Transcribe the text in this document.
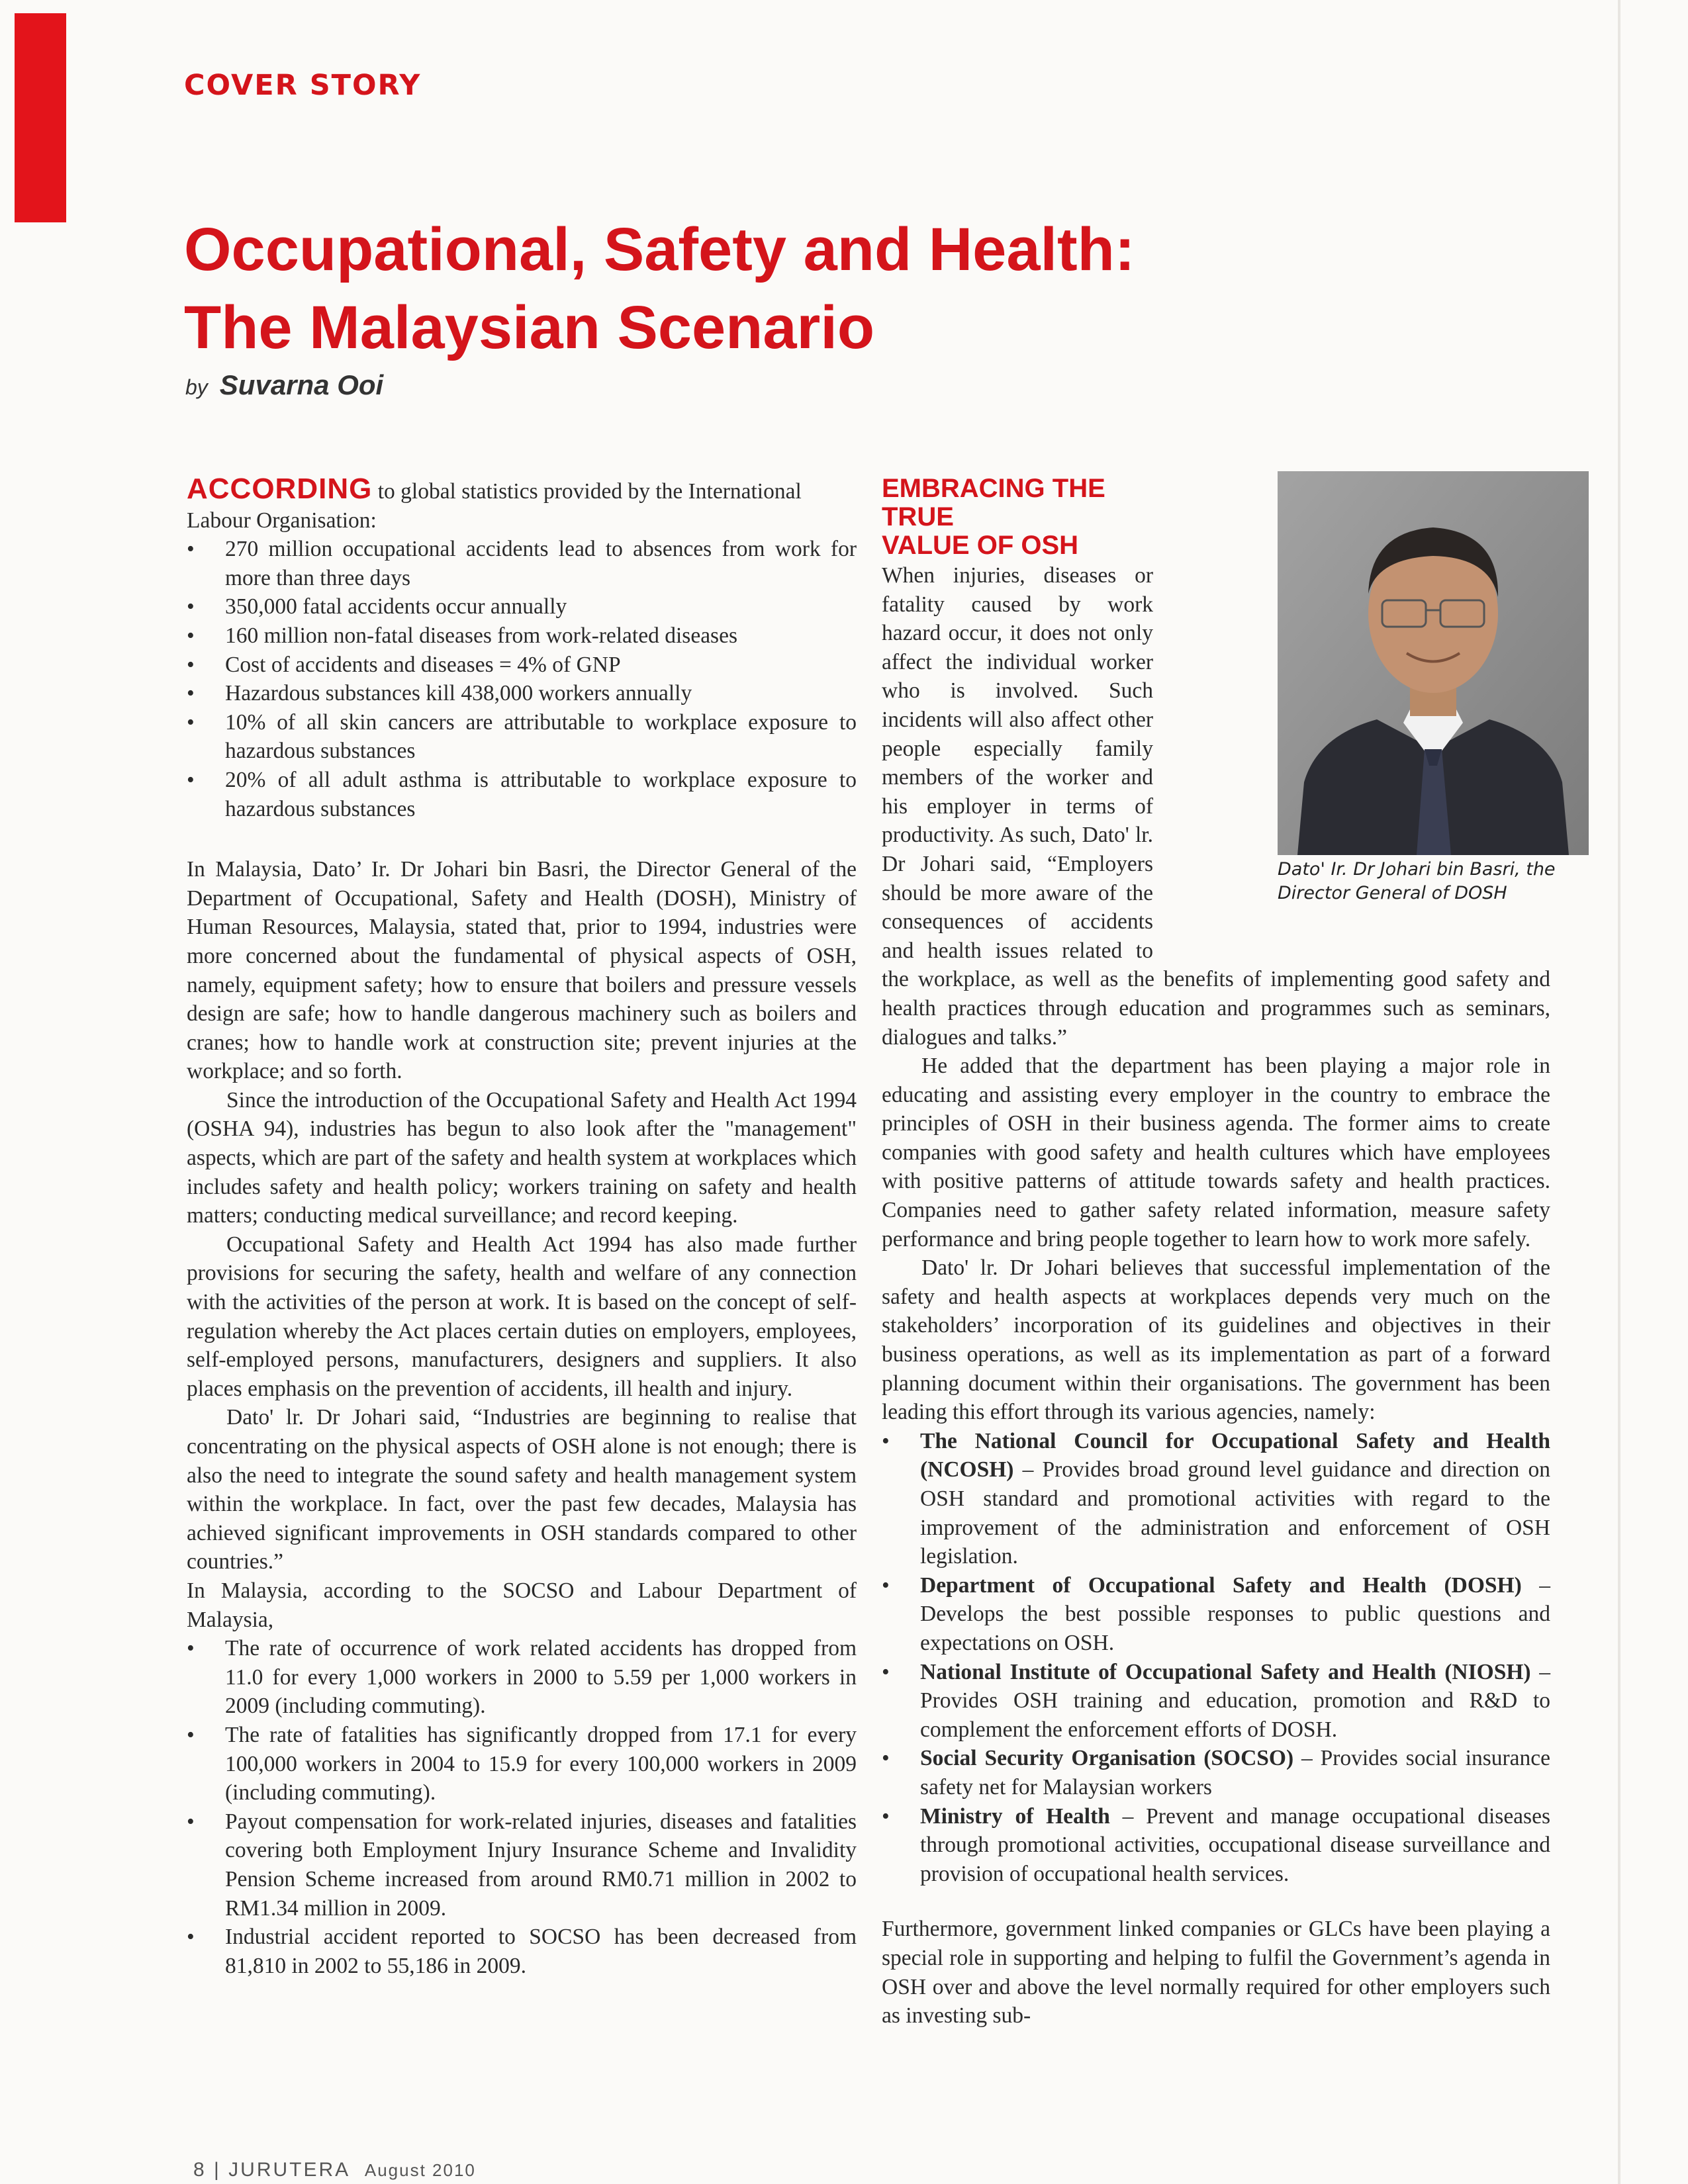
COVER STORY
Occupational, Safety and Health:
The Malaysian Scenario
by Suvarna Ooi

ACCORDING to global statistics provided by the International Labour Organisation:

• 270 million occupational accidents lead to absences from work for more than three days
• 350,000 fatal accidents occur annually
• 160 million non-fatal diseases from work-related diseases
• Cost of accidents and diseases = 4% of GNP
• Hazardous substances kill 438,000 workers annually
• 10% of all skin cancers are attributable to workplace exposure to hazardous substances
• 20% of all adult asthma is attributable to workplace exposure to hazardous substances

In Malaysia, Dato’ Ir. Dr Johari bin Basri, the Director General of the Department of Occupational, Safety and Health (DOSH), Ministry of Human Resources, Malaysia, stated that, prior to 1994, industries were more concerned about the fundamental of physical aspects of OSH, namely, equipment safety; how to ensure that boilers and pressure vessels design are safe; how to handle dangerous machinery such as boilers and cranes; how to handle work at construction site; prevent injuries at the workplace; and so forth.

Since the introduction of the Occupational Safety and Health Act 1994 (OSHA 94), industries has begun to also look after the "management" aspects, which are part of the safety and health system at workplaces which includes safety and health policy; workers training on safety and health matters; conducting medical surveillance; and record keeping.

Occupational Safety and Health Act 1994 has also made further provisions for securing the safety, health and welfare of any connection with the activities of the person at work. It is based on the concept of self-regulation whereby the Act places certain duties on employers, employees, self-employed persons, manufacturers, designers and suppliers. It also places emphasis on the prevention of accidents, ill health and injury.

Dato' lr. Dr Johari said, “Industries are beginning to realise that concentrating on the physical aspects of OSH alone is not enough; there is also the need to integrate the sound safety and health management system within the workplace. In fact, over the past few decades, Malaysia has achieved significant improvements in OSH standards compared to other countries.”

In Malaysia, according to the SOCSO and Labour Department of Malaysia,

• The rate of occurrence of work related accidents has dropped from 11.0 for every 1,000 workers in 2000 to 5.59 per 1,000 workers in 2009 (including commuting).
• The rate of fatalities has significantly dropped from 17.1 for every 100,000 workers in 2004 to 15.9 for every 100,000 workers in 2009 (including commuting).
• Payout compensation for work-related injuries, diseases and fatalities covering both Employment Injury Insurance Scheme and Invalidity Pension Scheme increased from around RM0.71 million in 2002 to RM1.34 million in 2009.
• Industrial accident reported to SOCSO has been decreased from 81,810 in 2002 to 55,186 in 2009.
EMBRACING THE TRUE
VALUE OF OSH

When injuries, diseases or fatality caused by work hazard occur, it does not only affect the individual worker who is involved. Such incidents will also affect other people especially family members of the worker and his employer in terms of productivity. As such, Dato' lr. Dr Johari said, “Employers should be more aware of the consequences of accidents and health issues related to the workplace, as well as the benefits of implementing good safety and health practices through education and programmes such as seminars, dialogues and talks.”

He added that the department has been playing a major role in educating and assisting every employer in the country to embrace the principles of OSH in their business agenda. The former aims to create companies with good safety and health cultures which have employees with positive patterns of attitude towards safety and health practices. Companies need to gather safety related information, measure safety performance and bring people together to learn how to work more safely.

Dato' lr. Dr Johari believes that successful implementation of the safety and health aspects at workplaces depends very much on the stakeholders’ incorporation of its guidelines and objectives in their business operations, as well as its implementation as part of a forward planning document within their organisations. The government has been leading this effort through its various agencies, namely:

• The National Council for Occupational Safety and Health (NCOSH) – Provides broad ground level guidance and direction on OSH standard and promotional activities with regard to the improvement of the administration and enforcement of OSH legislation.
• Department of Occupational Safety and Health (DOSH) – Develops the best possible responses to public questions and expectations on OSH.
• National Institute of Occupational Safety and Health (NIOSH) – Provides OSH training and education, promotion and R&D to complement the enforcement efforts of DOSH.
• Social Security Organisation (SOCSO) – Provides social insurance safety net for Malaysian workers
• Ministry of Health – Prevent and manage occupational diseases through promotional activities, occupational disease surveillance and provision of occupational health services.

Furthermore, government linked companies or GLCs have been playing a special role in supporting and helping to fulfil the Government’s agenda in OSH over and above the level normally required for other employers such as investing sub-

Dato' Ir. Dr Johari bin Basri, the Director General of DOSH
8 | JURUTERA August 2010
